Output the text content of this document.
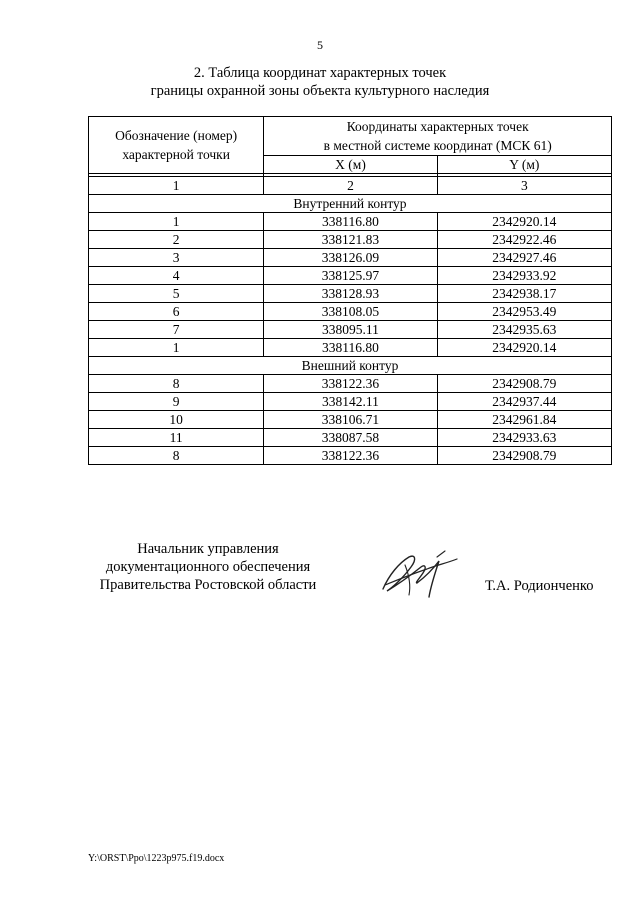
5
2. Таблица координат характерных точек
границы охранной зоны объекта культурного наследия
Обозначение (номер)
характерной точки	Координаты характерных точек
в местной системе координат (МСК 61)	

	X (м)	Y (м)

1	2	3
Внутренний контур		
1	338116.80	2342920.14
2	338121.83	2342922.46
3	338126.09	2342927.46
4	338125.97	2342933.92
5	338128.93	2342938.17
6	338108.05	2342953.49
7	338095.11	2342935.63
1	338116.80	2342920.14
Внешний контур		
8	338122.36	2342908.79
9	338142.11	2342937.44
10	338106.71	2342961.84
11	338087.58	2342933.63
8	338122.36	2342908.79
Начальник управления
документационного обеспечения
Правительства Ростовской области	Т.А. Родионченко
Y:\ORST\Ppo\1223p975.f19.docx
